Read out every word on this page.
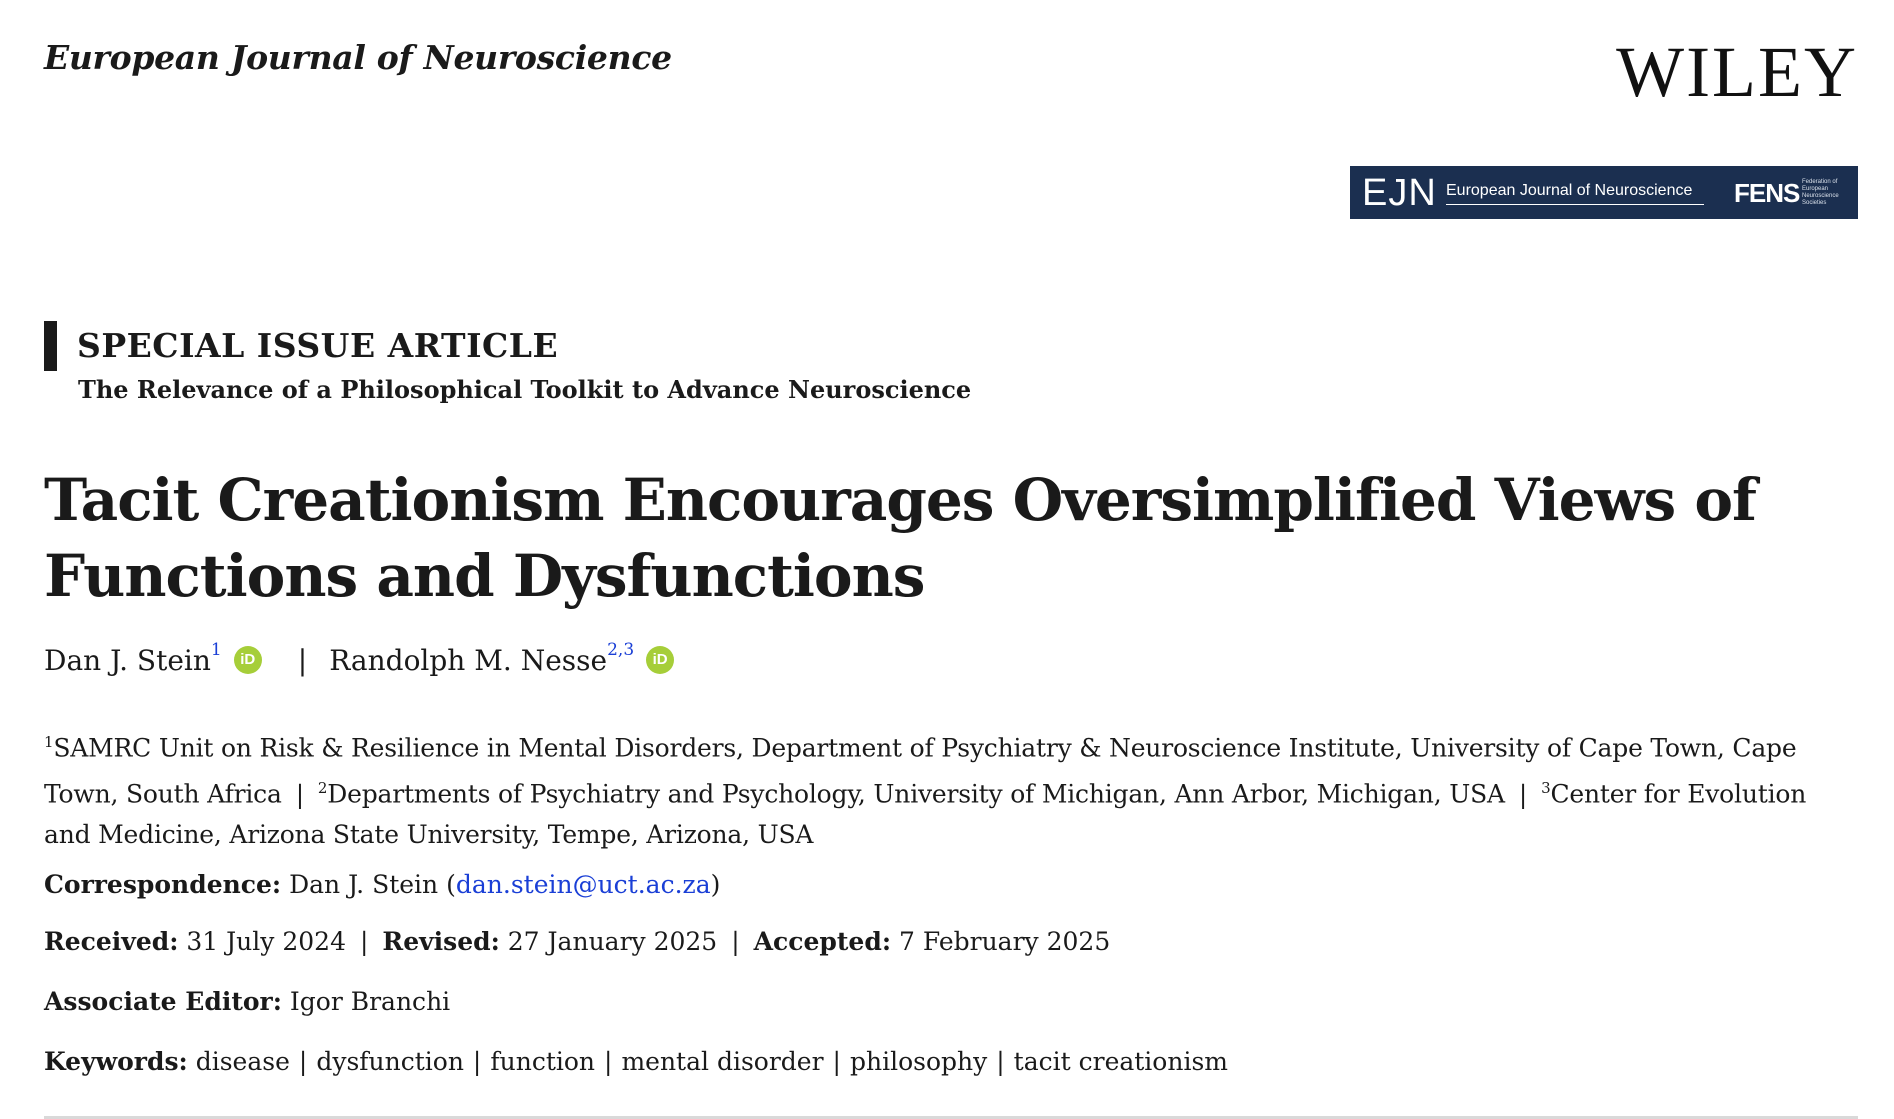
European Journal of Neuroscience	WILEY
EJN European Journal of Neuroscience	FENS Federation of European Neuroscience Societies
SPECIAL ISSUE ARTICLE
The Relevance of a Philosophical Toolkit to Advance Neuroscience
Tacit Creationism Encourages Oversimplified Views of Functions and Dysfunctions
Dan J. Stein$^1$	iD | Randolph M. Nesse$^{2,3}$	iD
$^1$SAMRC Unit on Risk & Resilience in Mental Disorders, Department of Psychiatry & Neuroscience Institute, University of Cape Town, Cape Town, South Africa | $^2$Departments of Psychiatry and Psychology, University of Michigan, Ann Arbor, Michigan, USA | $^3$Center for Evolution and Medicine, Arizona State University, Tempe, Arizona, USA
Correspondence: Dan J. Stein (dan.stein@uct.ac.za)
Received: 31 July 2024 | Revised: 27 January 2025 | Accepted: 7 February 2025
Associate Editor: Igor Branchi
Keywords: disease | dysfunction | function | mental disorder | philosophy | tacit creationism
